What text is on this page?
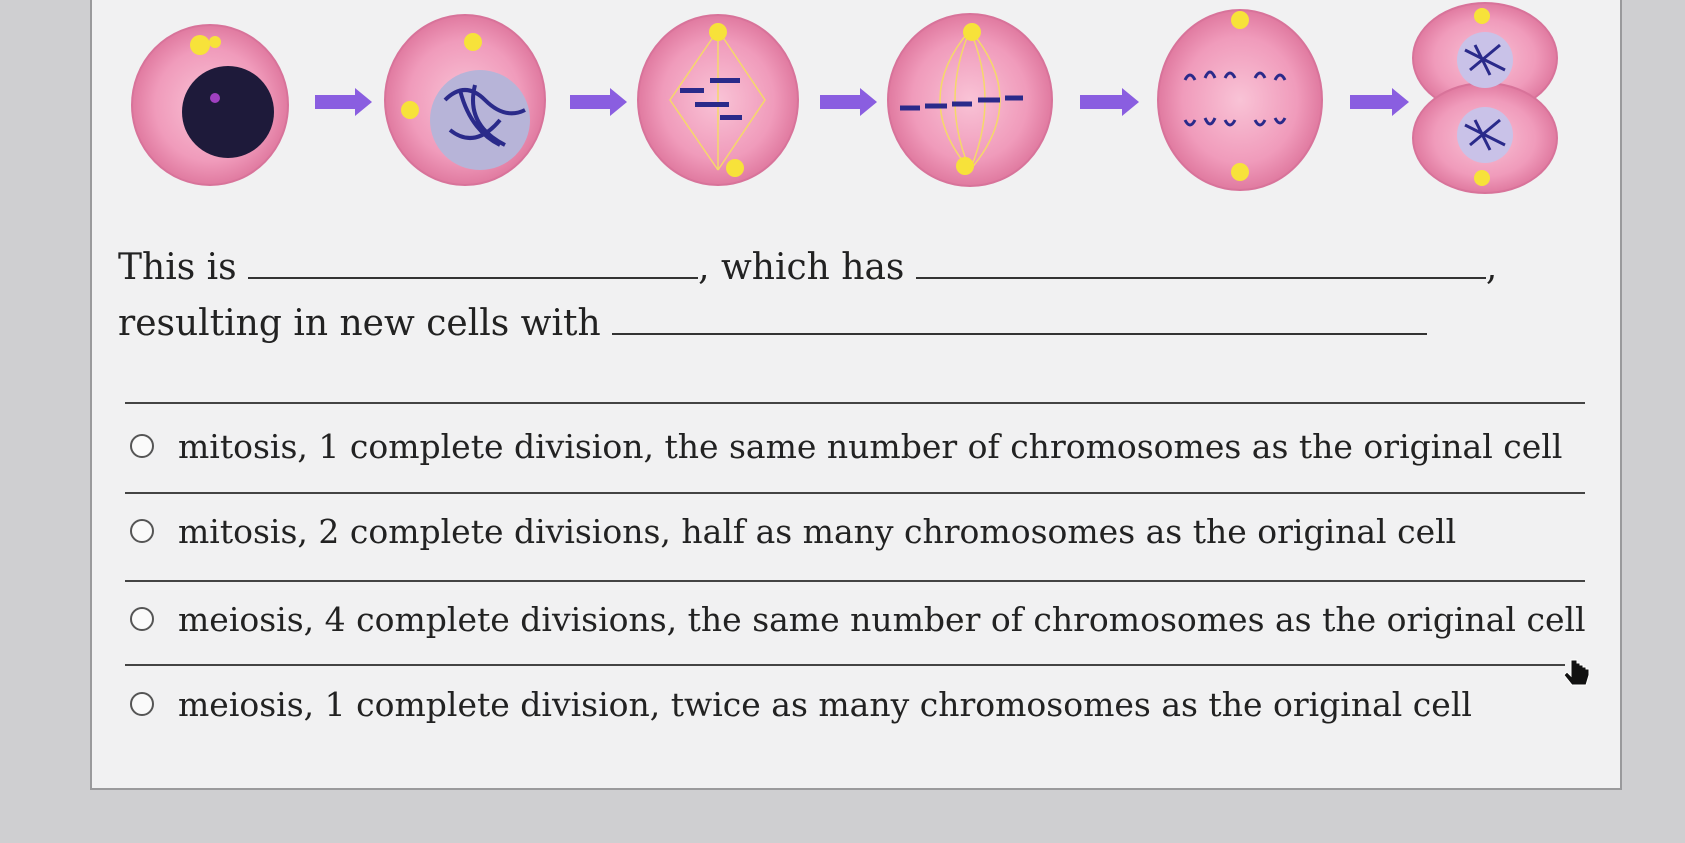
This is	, which has	,
resulting in new cells with
mitosis, 1 complete division, the same number of chromosomes as the original cell
mitosis, 2 complete divisions, half as many chromosomes as the original cell
meiosis, 4 complete divisions, the same number of chromosomes as the original cell
meiosis, 1 complete division, twice as many chromosomes as the original cell
